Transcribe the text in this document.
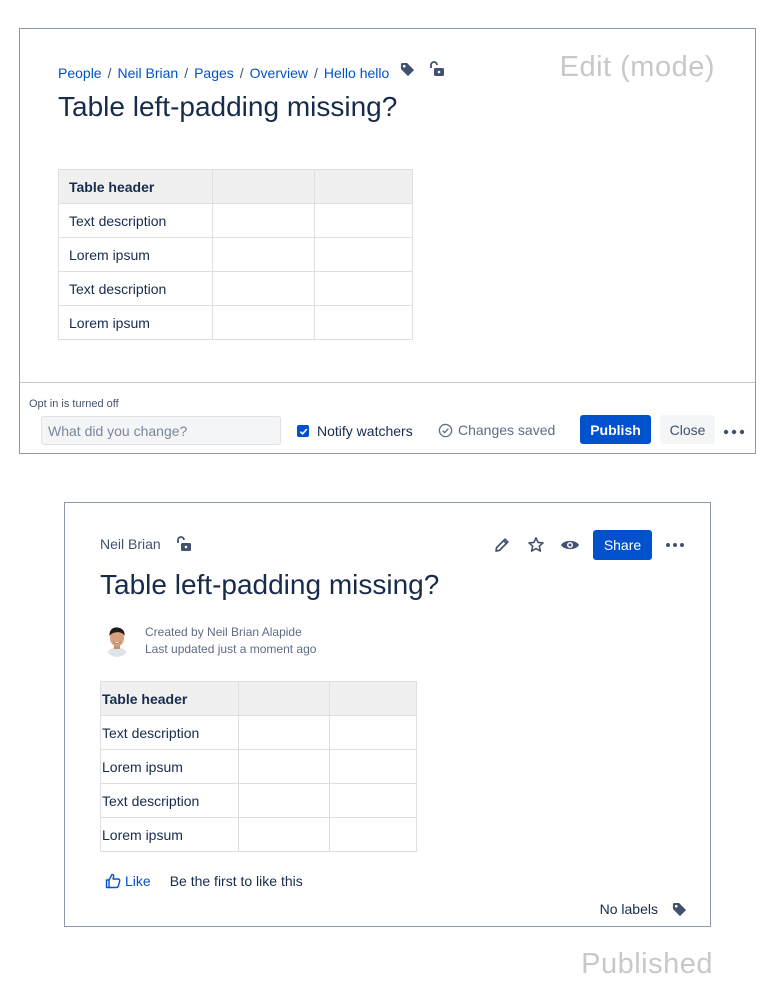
People / Neil Brian / Pages / Overview / Hello hello	Edit (mode)
Table left-padding missing?
Table header		
Text description		
Lorem ipsum		
Text description		
Lorem ipsum		
Opt in is turned off
What did you change?
Notify watchers	Changes saved	Publish	Close
Neil Brian	Share
Table left-padding missing?
Created by Neil Brian Alapide
Last updated just a moment ago
Table header		
Text description		
Lorem ipsum		
Text description		
Lorem ipsum		
Like Be the first to like this
No labels
Published
